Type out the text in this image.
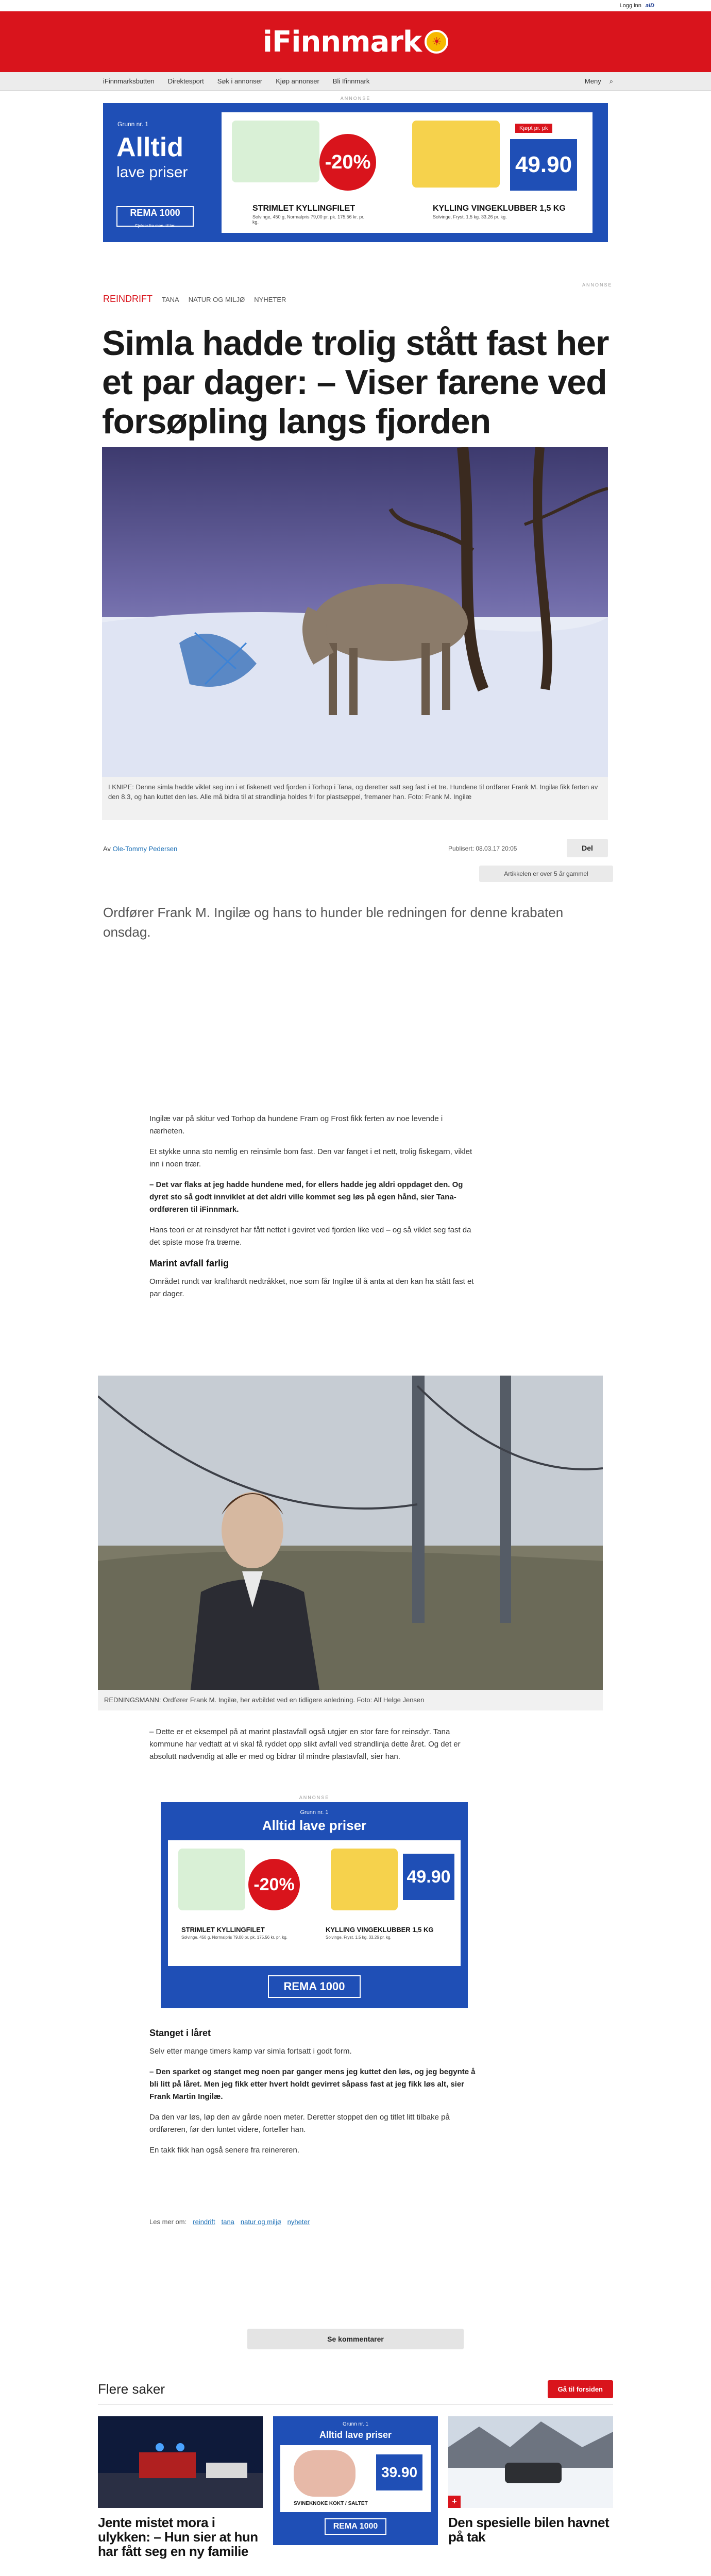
Logg inn aID
iFinnmark ☀
iFinnmarksbutten Direktesport Søk i annonser Kjøp annonser Bli Ifinnmark	Meny ⌕
ANNONSE
Grunn nr. 1
Alltid
lave priser
REMA 1000
Gjelder fra man. til lør.
-20%
STRIMLET KYLLINGFILET
Solvinge, 450 g, Normalpris 79,00 pr. pk. 175,56 kr. pr. kg.
49.90
Kjøpt pr. pk
KYLLING VINGEKLUBBER 1,5 KG
Solvinge, Fryst, 1,5 kg. 33,26 pr. kg.
ANNONSE
REINDRIFT TANA NATUR OG MILJØ NYHETER
Simla hadde trolig stått fast her et par dager: – Viser farene ved forsøpling langs fjorden
I KNIPE: Denne simla hadde viklet seg inn i et fiskenett ved fjorden i Torhop i Tana, og deretter satt seg fast i et tre. Hundene til ordfører Frank M. Ingilæ fikk ferten av den 8.3, og han kuttet den løs. Alle må bidra til at strandlinja holdes fri for plastsøppel, fremaner han. Foto: Frank M. Ingilæ
Av Ole-Tommy Pedersen	Publisert: 08.03.17 20:05	Del
Artikkelen er over 5 år gammel
Ordfører Frank M. Ingilæ og hans to hunder ble redningen for denne krabaten onsdag.

Ingilæ var på skitur ved Torhop da hundene Fram og Frost fikk ferten av noe levende i nærheten.

Et stykke unna sto nemlig en reinsimle bom fast. Den var fanget i et nett, trolig fiskegarn, viklet inn i noen trær.

– Det var flaks at jeg hadde hundene med, for ellers hadde jeg aldri oppdaget den. Og dyret sto så godt innviklet at det aldri ville kommet seg løs på egen hånd, sier Tana-ordføreren til iFinnmark.

Hans teori er at reinsdyret har fått nettet i geviret ved fjorden like ved – og så viklet seg fast da det spiste mose fra trærne.

Marint avfall farlig

Området rundt var krafthardt nedtråkket, noe som får Ingilæ til å anta at den kan ha stått fast et par dager.

REDNINGSMANN: Ordfører Frank M. Ingilæ, her avbildet ved en tidligere anledning. Foto: Alf Helge Jensen

– Dette er et eksempel på at marint plastavfall også utgjør en stor fare for reinsdyr. Tana kommune har vedtatt at vi skal få ryddet opp slikt avfall ved strandlinja dette året. Og det er absolutt nødvendig at alle er med og bidrar til mindre plastavfall, sier han.

ANNONSE
Grunn nr. 1
Alltid lave priser
-20%	49.90
STRIMLET KYLLINGFILET
Solvinge, 450 g, Normalpris 79,00 pr. pk. 175,56 kr. pr. kg.
KYLLING VINGEKLUBBER 1,5 KG
Solvinge, Fryst, 1,5 kg. 33,26 pr. kg.
REMA 1000
Stanget i låret

Selv etter mange timers kamp var simla fortsatt i godt form.

– Den sparket og stanget meg noen par ganger mens jeg kuttet den løs, og jeg begynte å bli litt på låret. Men jeg fikk etter hvert holdt gevirret såpass fast at jeg fikk løs alt, sier Frank Martin Ingilæ.

Da den var løs, løp den av gårde noen meter. Deretter stoppet den og titlet litt tilbake på ordføreren, før den luntet videre, forteller han.

En takk fikk han også senere fra reinereren.

Les mer om: reindrift tana natur og miljø nyheter
Se kommentarer
Flere saker	Gå til forsiden
Jente mistet mora i ulykken: – Hun sier at hun har fått seg en ny familie
Grunn nr. 1
Alltid lave priser
39.90
SVINEKNOKE KOKT / SALTET
REMA 1000
+
Den spesielle bilen havnet på tak
